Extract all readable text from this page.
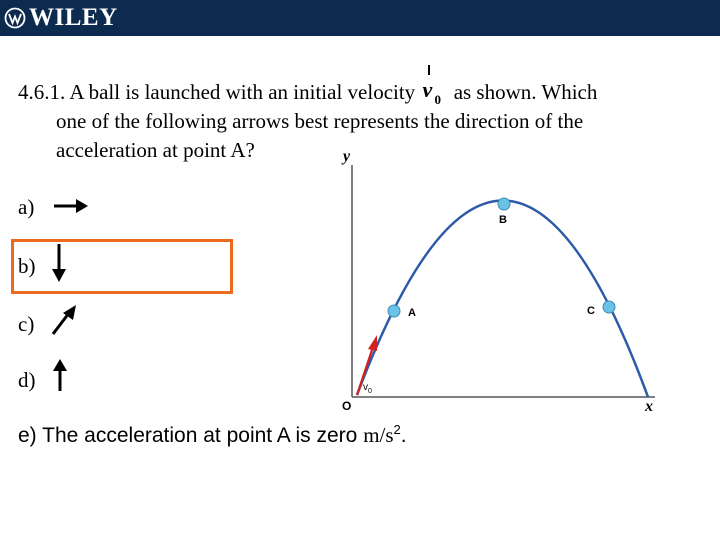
WILEY
4.6.1. A ball is launched with an initial velocity v 0 as shown. Which
one of the following arrows best represents the direction of the
acceleration at point A?
a)
b)
c)
d)
e) The acceleration at point A is zero $m/s^2$.
y
x
O
$v_0$
A
B
C
